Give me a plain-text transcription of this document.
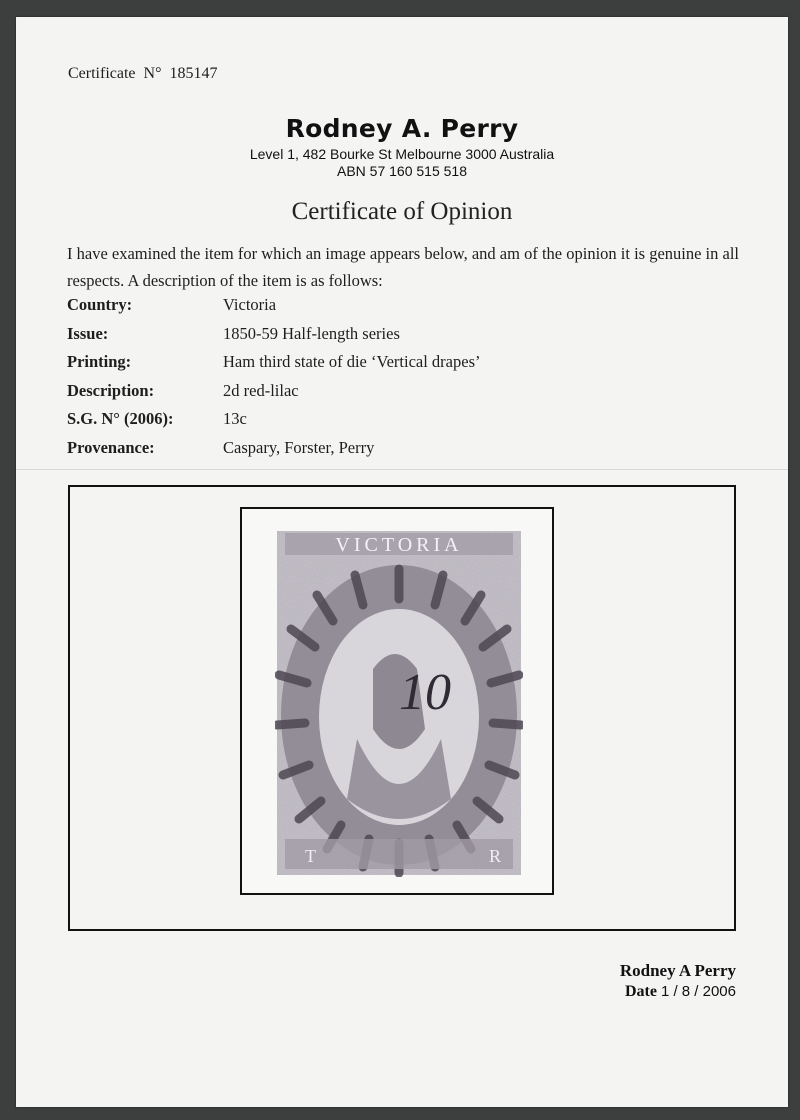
Certificate N° 185147
Rodney A. Perry
Level 1, 482 Bourke St Melbourne 3000 Australia
ABN 57 160 515 518
Certificate of Opinion
I have examined the item for which an image appears below, and am of the opinion it is genuine in all respects. A description of the item is as follows:
Country:	Victoria
Issue:	1850-59 Half-length series
Printing:	Ham third state of die ‘Vertical drapes’
Description:	2d red-lilac
S.G. N° (2006):	13c
Provenance:	Caspary, Forster, Perry
VICTORIA
10
T	R
Rodney A Perry
Date 1 / 8 / 2006
